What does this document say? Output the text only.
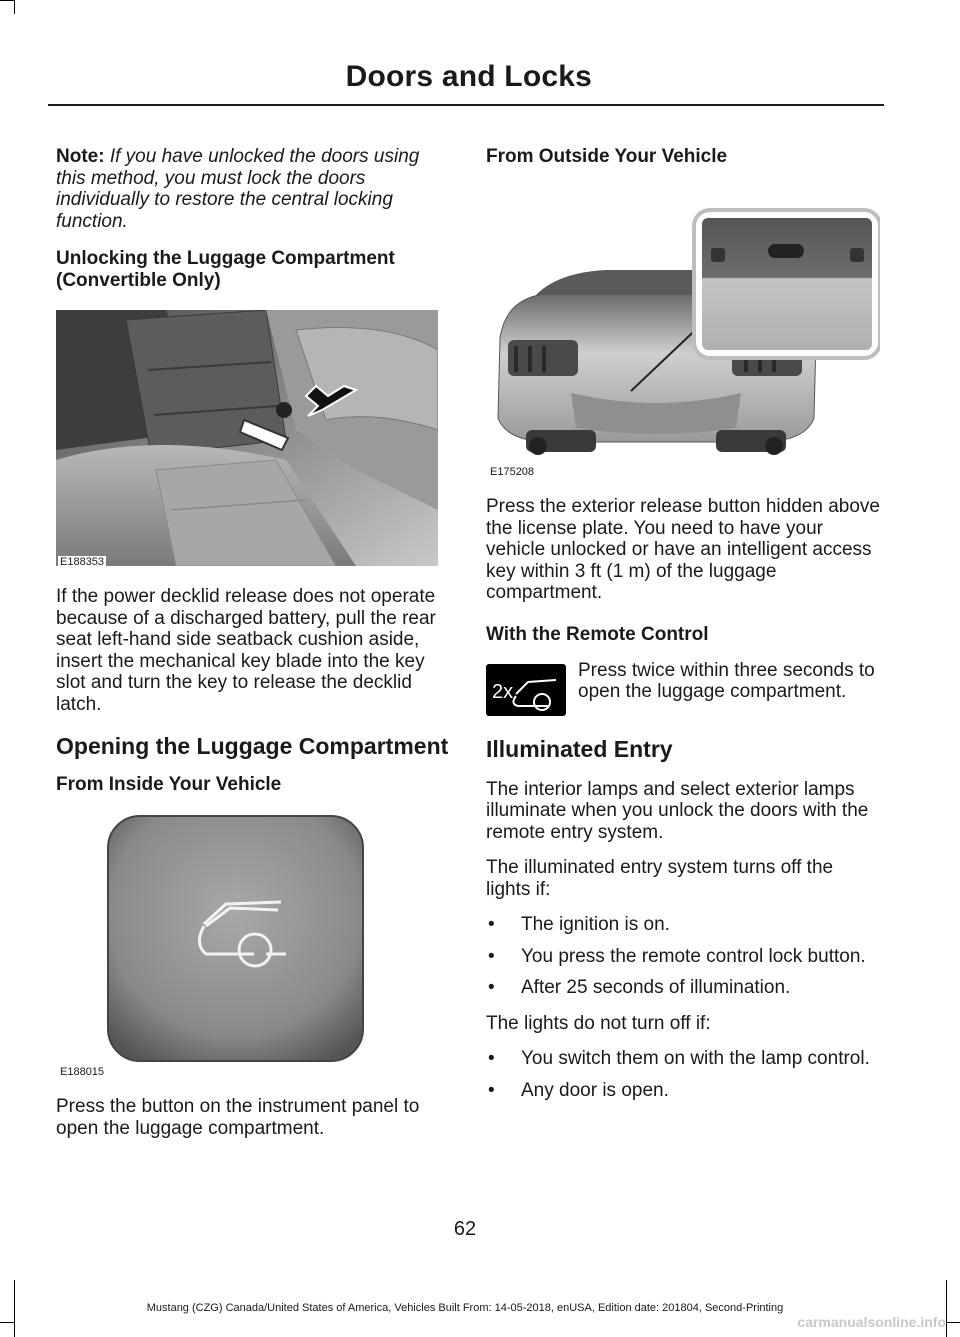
Doors and Locks

Note: If you have unlocked the doors using this method, you must lock the doors individually to restore the central locking function.

Unlocking the Luggage Compartment (Convertible Only)
E188353

If the power decklid release does not operate because of a discharged battery, pull the rear seat left-hand side seatback cushion aside, insert the mechanical key blade into the key slot and turn the key to release the decklid latch.

Opening the Luggage Compartment
From Inside Your Vehicle
E188015

Press the button on the instrument panel to open the luggage compartment.

From Outside Your Vehicle
E175208

Press the exterior release button hidden above the license plate. You need to have your vehicle unlocked or have an intelligent access key within 3 ft (1 m) of the luggage compartment.

With the Remote Control
2x

Press twice within three seconds to open the luggage compartment.

Illuminated Entry

The interior lamps and select exterior lamps illuminate when you unlock the doors with the remote entry system.

The illuminated entry system turns off the lights if:

• The ignition is on.
• You press the remote control lock button.
• After 25 seconds of illumination.

The lights do not turn off if:

• You switch them on with the lamp control.
• Any door is open.
62
Mustang (CZG) Canada/United States of America, Vehicles Built From: 14-05-2018, enUSA, Edition date: 201804, Second-Printing
carmanualsonline.info
